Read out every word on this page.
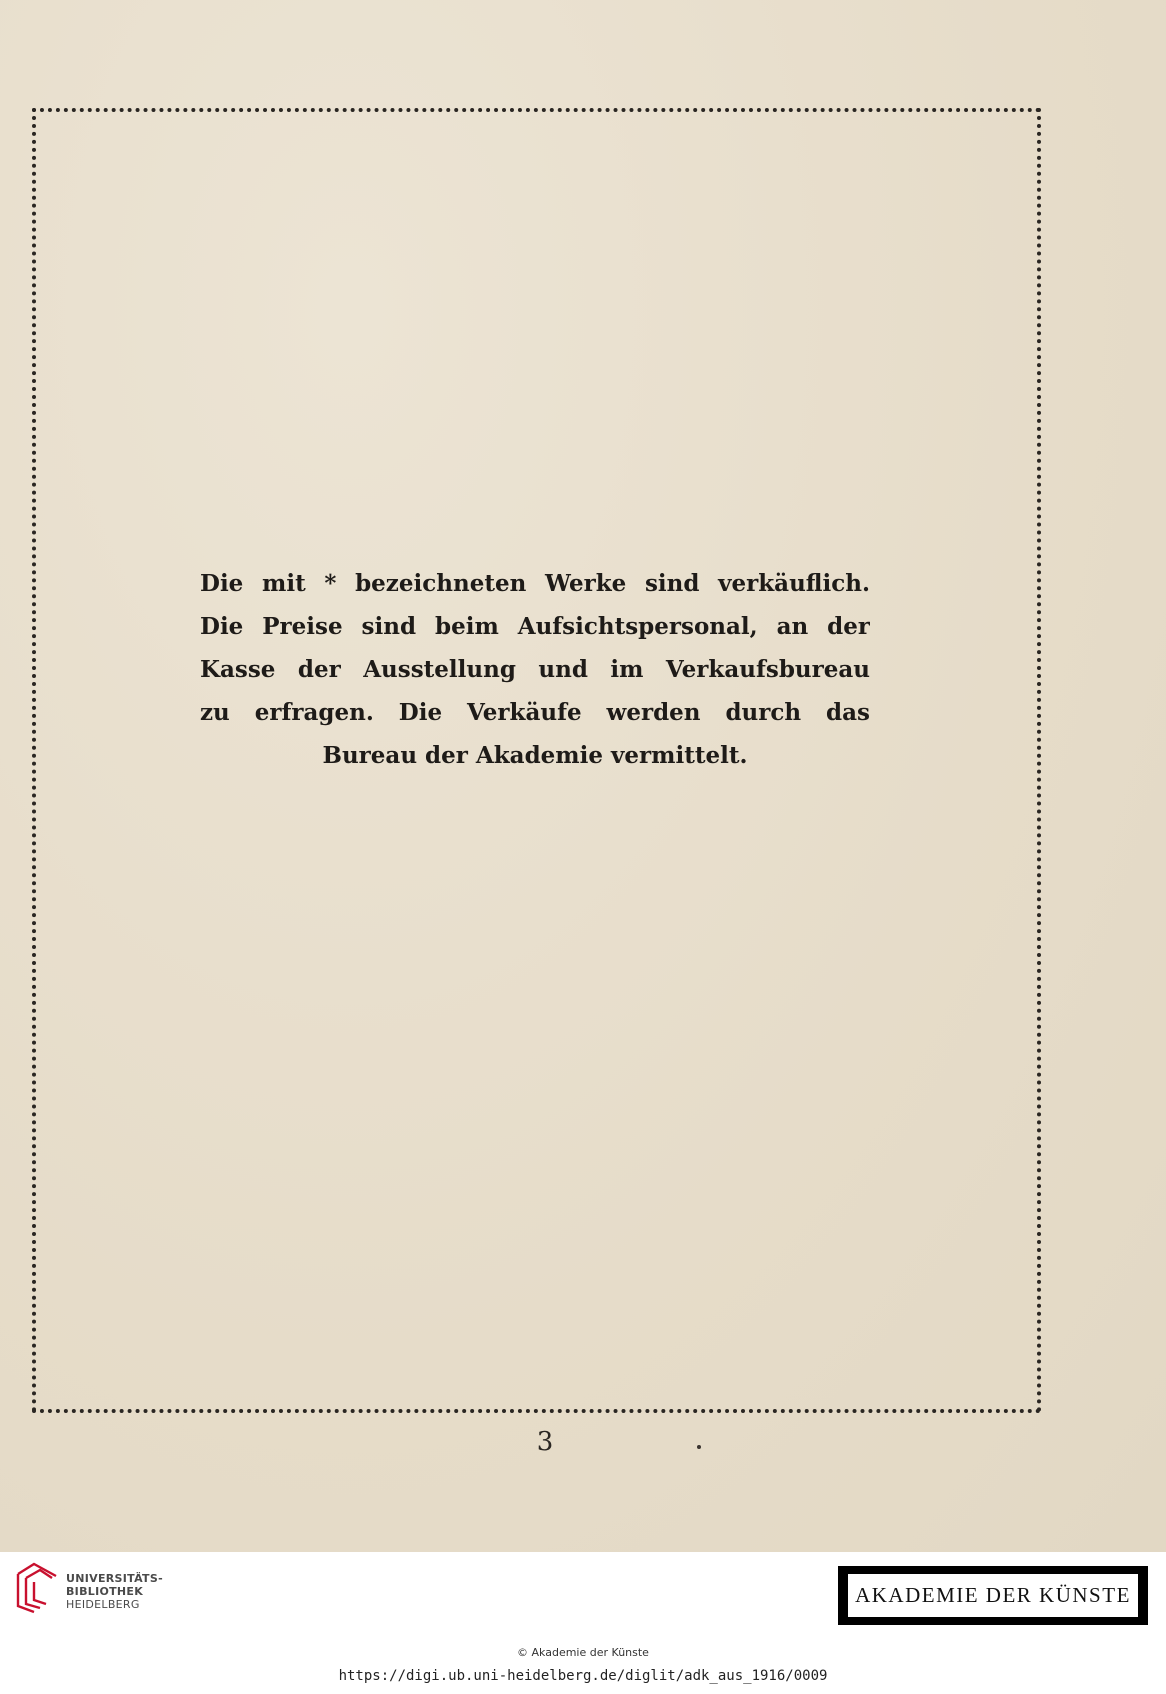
Die mit * bezeichneten Werke sind verkäuflich.
Die Preise sind beim Aufsichtspersonal, an der
Kasse der Ausstellung und im Verkaufsbureau
zu erfragen. Die Verkäufe werden durch das
Bureau der Akademie vermittelt.
3
UNIVERSITÄTS-
BIBLIOTHEK
HEIDELBERG	AKADEMIE DER KÜNSTE
© Akademie der Künste
https://digi.ub.uni-heidelberg.de/diglit/adk_aus_1916/0009
